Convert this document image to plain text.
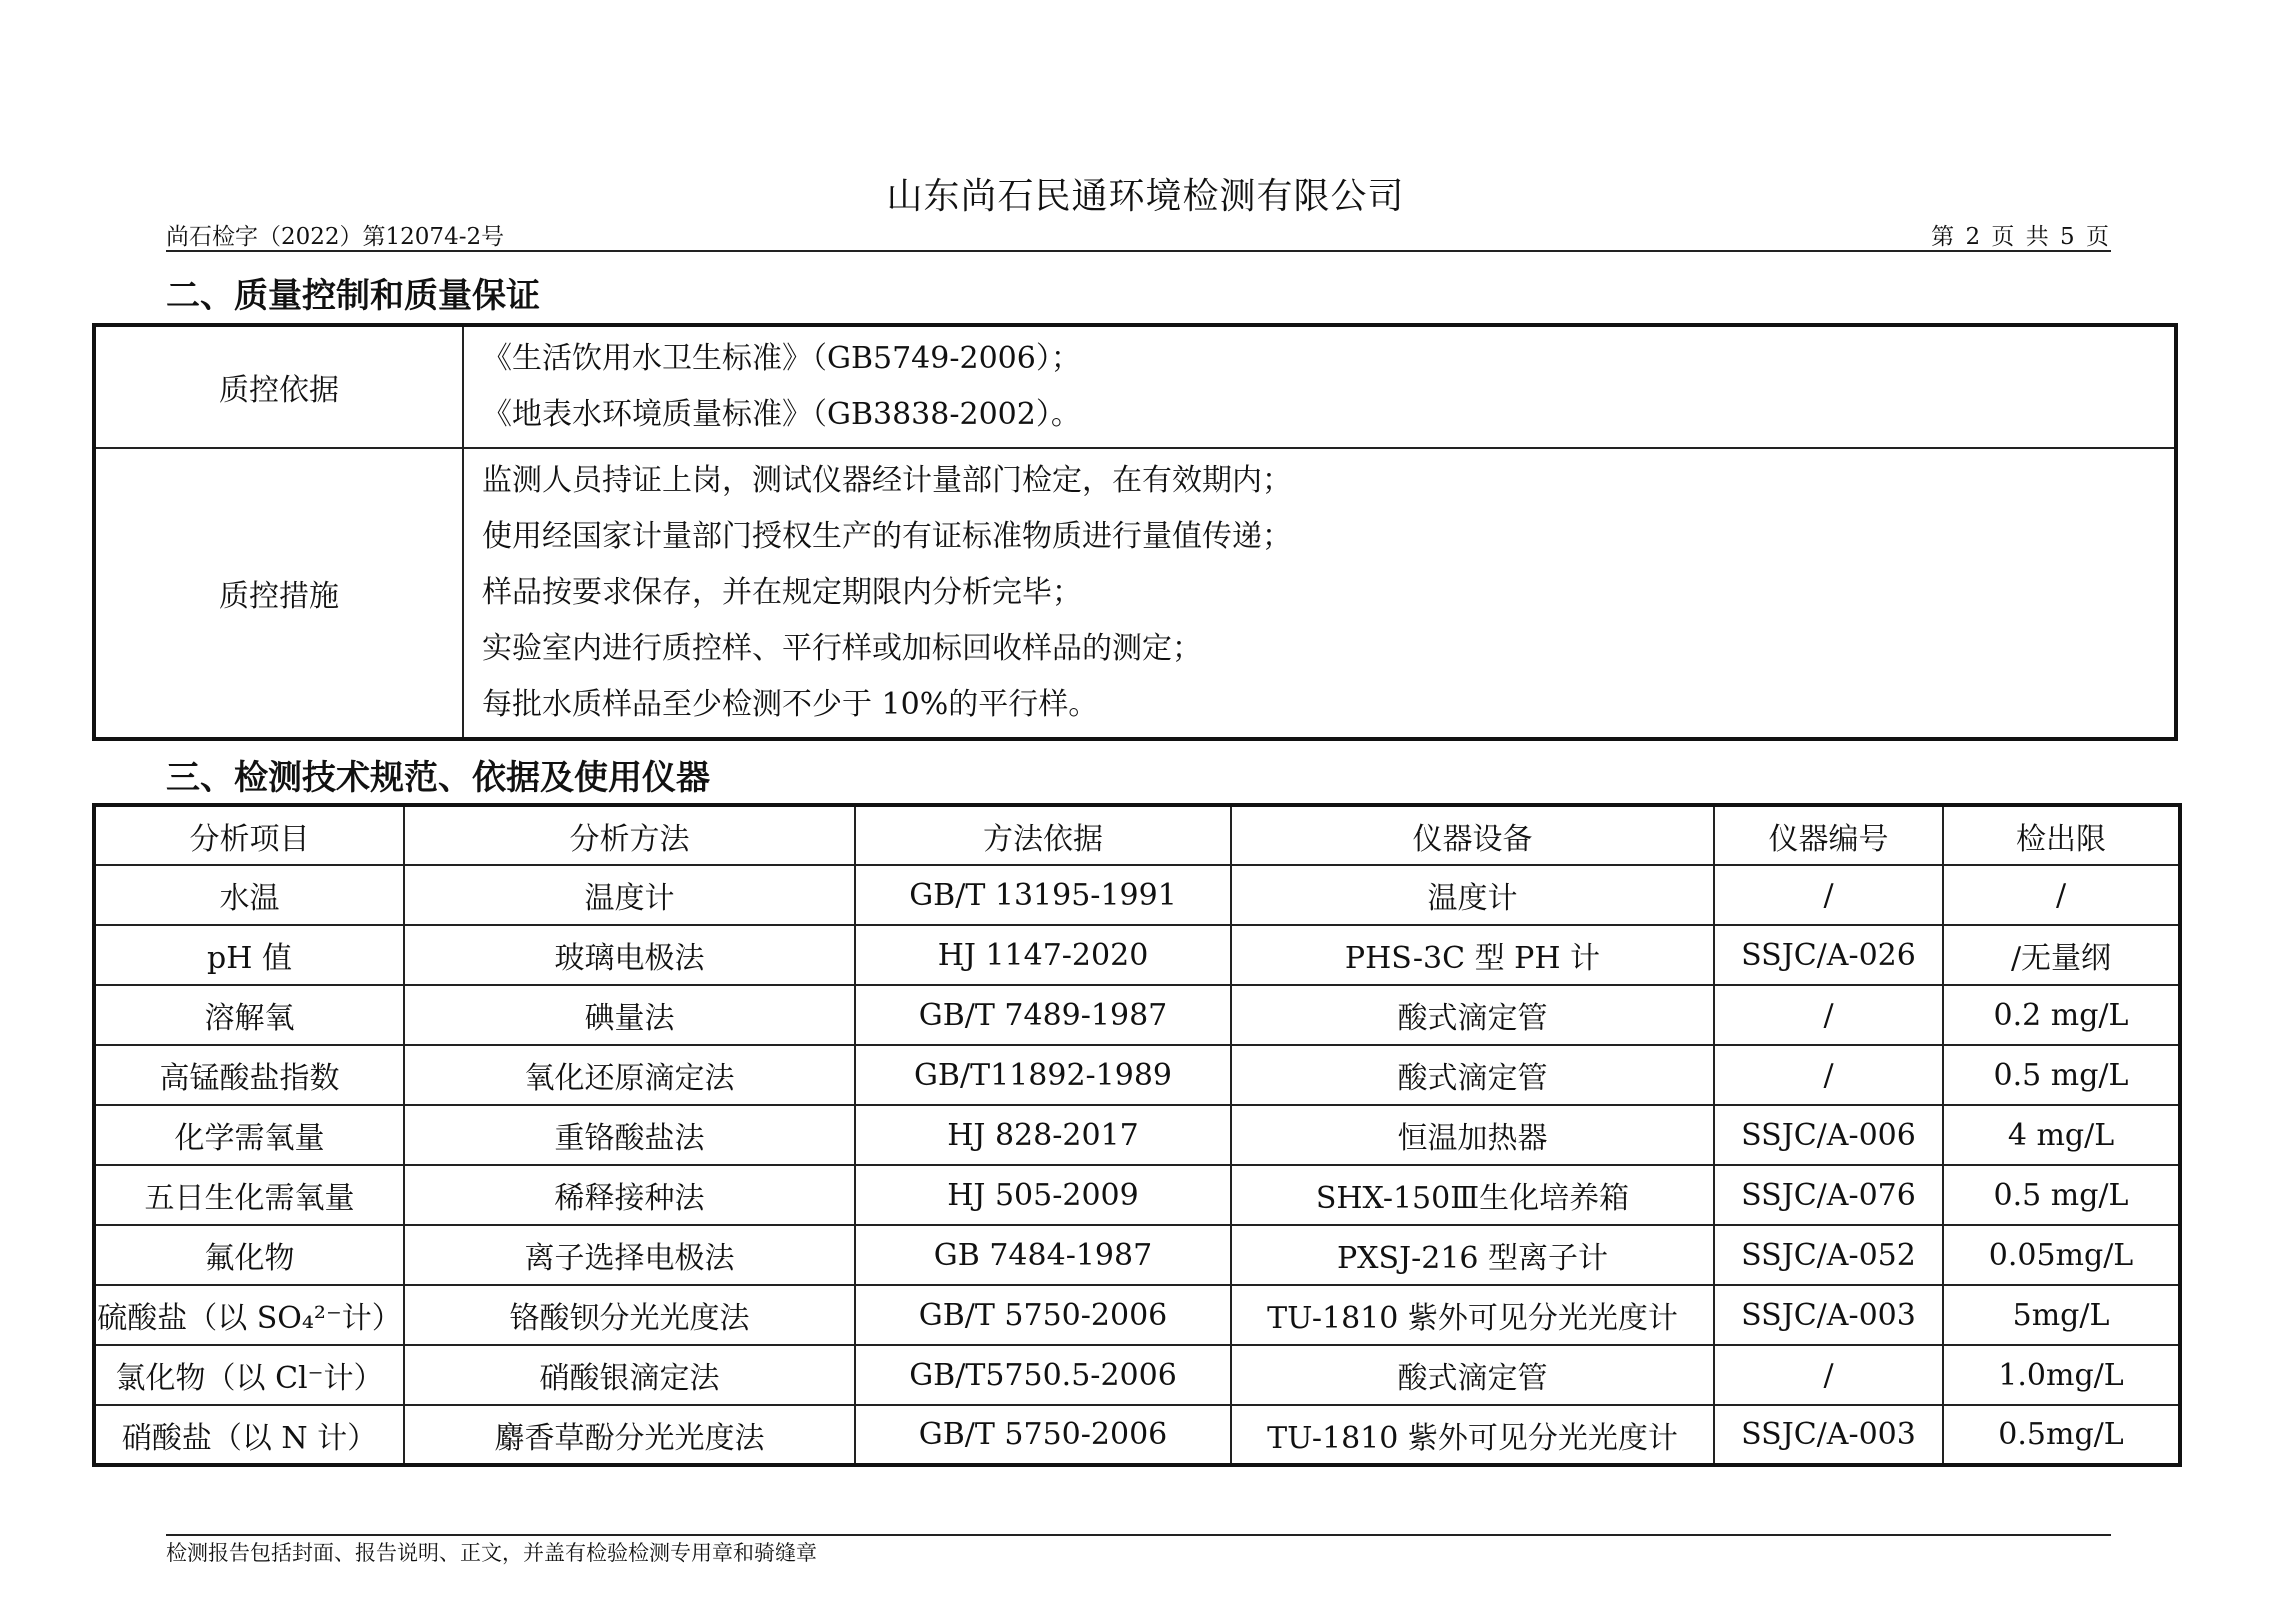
山东尚石民通环境检测有限公司
尚石检字（2022）第12074-2号	第 2 页 共 5 页
二、质量控制和质量保证
质控依据	《生活饮用水卫生标准》（GB5749-2006）；
《地表水环境质量标准》（GB3838-2002）。

质控措施	监测人员持证上岗，测试仪器经计量部门检定，在有效期内；
使用经国家计量部门授权生产的有证标准物质进行量值传递；
样品按要求保存，并在规定期限内分析完毕；
实验室内进行质控样、平行样或加标回收样品的测定；
每批水质样品至少检测不少于 10%的平行样。
三、检测技术规范、依据及使用仪器
分析项目	分析方法	方法依据	仪器设备	仪器编号	检出限
水温	温度计	GB/T 13195-1991	温度计	/	/
pH 值	玻璃电极法	HJ 1147-2020	PHS-3C 型 PH 计	SSJC/A-026	/无量纲
溶解氧	碘量法	GB/T 7489-1987	酸式滴定管	/	0.2 mg/L
高锰酸盐指数	氧化还原滴定法	GB/T11892-1989	酸式滴定管	/	0.5 mg/L
化学需氧量	重铬酸盐法	HJ 828-2017	恒温加热器	SSJC/A-006	4 mg/L
五日生化需氧量	稀释接种法	HJ 505-2009	SHX-150Ⅲ生化培养箱	SSJC/A-076	0.5 mg/L
氟化物	离子选择电极法	GB 7484-1987	PXSJ-216 型离子计	SSJC/A-052	0.05mg/L
硫酸盐（以 SO₄²⁻计）	铬酸钡分光光度法	GB/T 5750-2006	TU-1810 紫外可见分光光度计	SSJC/A-003	5mg/L
氯化物（以 Cl⁻计）	硝酸银滴定法	GB/T5750.5-2006	酸式滴定管	/	1.0mg/L
硝酸盐（以 N 计）	麝香草酚分光光度法	GB/T 5750-2006	TU-1810 紫外可见分光光度计	SSJC/A-003	0.5mg/L
检测报告包括封面、报告说明、正文，并盖有检验检测专用章和骑缝章
